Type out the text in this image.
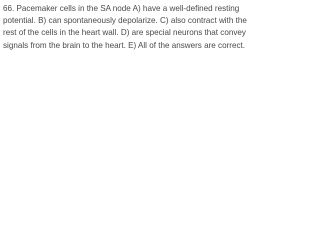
66. Pacemaker cells in the SA node A) have a well-defined resting potential. B) can spontaneously depolarize. C) also contract with the rest of the cells in the heart wall. D) are special neurons that convey signals from the brain to the heart. E) All of the answers are correct.
